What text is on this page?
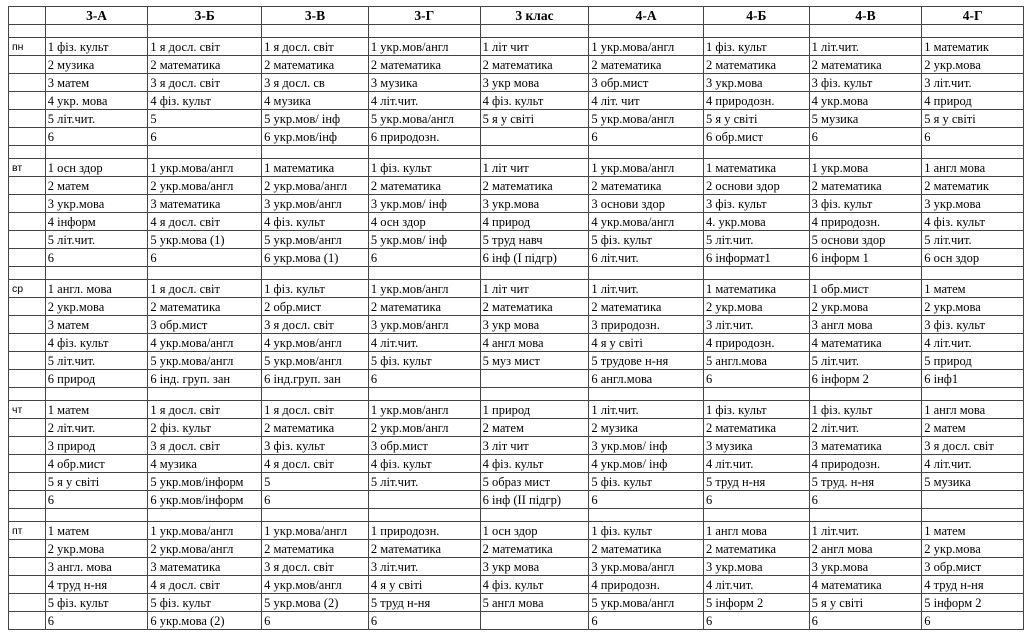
	3-А	3-Б	3-В	3-Г	3 клас	4-А	4-Б	4-В	4-Г

пн	1 фіз. культ	1 я досл. світ	1 я досл. світ	1 укр.мов/англ	1 літ чит	1 укр.мова/англ	1 фіз. культ	1 літ.чит.	1 математик
	2 музика	2 математика	2 математика	2 математика	2 математика	2 математика	2 математика	2 математика	2 укр.мова
	3 матем	3 я досл. світ	3 я досл. св	3 музика	3 укр мова	3 обр.мист	3 укр.мова	3 фіз. культ	3 літ.чит.
	4 укр. мова	4 фіз. культ	4 музика	4 літ.чит.	4 фіз. культ	4 літ. чит	4 природозн.	4 укр.мова	4 природ
	5 літ.чит.	5	5 укр.мов/ інф	5 укр.мова/англ	5 я у світі	5 укр.мова/англ	5 я у світі	5 музика	5 я у світі
	6	6	6 укр.мов/інф	6 природозн.		6	6 обр.мист	6	6

вт	1 осн здор	1 укр.мова/англ	1 математика	1 фіз. культ	1 літ чит	1 укр.мова/англ	1 математика	1 укр.мова	1 англ мова
	2 матем	2 укр.мова/англ	2 укр.мова/англ	2 математика	2 математика	2 математика	2 основи здор	2 математика	2 математик
	3 укр.мова	3 математика	3 укр.мов/англ	3 укр.мов/ інф	3 укр.мова	3 основи здор	3 фіз. культ	3 фіз. культ	3 укр.мова
	4 інформ	4 я досл. світ	4 фіз. культ	4 осн здор	4 природ	4 укр.мова/англ	4. укр.мова	4 природозн.	4 фіз. культ
	5 літ.чит.	5 укр.мова (1)	5 укр.мов/англ	5 укр.мов/ інф	5 труд навч	5 фіз. культ	5 літ.чит.	5 основи здор	5 літ.чит.
	6	6	6 укр.мова (1)	6	6 інф (І підгр)	6 літ.чит.	6 інформат1	6 інформ 1	6 осн здор

ср	1 англ. мова	1 я досл. світ	1 фіз. культ	1 укр.мов/англ	1 літ чит	1 літ.чит.	1 математика	1 обр.мист	1 матем
	2 укр.мова	2 математика	2 обр.мист	2 математика	2 математика	2 математика	2 укр.мова	2 укр.мова	2 укр.мова
	3 матем	3 обр.мист	3 я досл. світ	3 укр.мов/англ	3 укр мова	3 природозн.	3 літ.чит.	3 англ мова	3 фіз. культ
	4 фіз. культ	4 укр.мова/англ	4 укр.мов/англ	4 літ.чит.	4 англ мова	4 я у світі	4 природозн.	4 математика	4 літ.чит.
	5 літ.чит.	5 укр.мова/англ	5 укр.мов/англ	5 фіз. культ	5 муз мист	5 трудове н-ня	5 англ.мова	5 літ.чит.	5 природ
	6 природ	6 інд. груп. зан	6 інд.груп. зан	6		6 англ.мова	6	6 інформ 2	6 інф1

чт	1 матем	1 я досл. світ	1 я досл. світ	1 укр.мов/англ	1 природ	1 літ.чит.	1 фіз. культ	1 фіз. культ	1 англ мова
	2 літ.чит.	2 фіз. культ	2 математика	2 укр.мов/англ	2 матем	2 музика	2 математика	2 літ.чит.	2 матем
	3 природ	3 я досл. світ	3 фіз. культ	3 обр.мист	3 літ чит	3 укр.мов/ інф	3 музика	3 математика	3 я досл. світ
	4 обр.мист	4 музика	4 я досл. світ	4 фіз. культ	4 фіз. культ	4 укр.мов/ інф	4 літ.чит.	4 природозн.	4 літ.чит.
	5 я у світі	5 укр.мов/інформ	5	5 літ.чит.	5 образ мист	5 фіз. культ	5 труд н-ня	5 труд. н-ня	5 музика
	6	6 укр.мов/інформ	6		6 інф (ІІ підгр)	6	6	6	

пт	1 матем	1 укр.мова/англ	1 укр.мова/англ	1 природозн.	1 осн здор	1 фіз. культ	1 англ мова	1 літ.чит.	1 матем
	2 укр.мова	2 укр.мова/англ	2 математика	2 математика	2 математика	2 математика	2 математика	2 англ мова	2 укр.мова
	3 англ. мова	3 математика	3 я досл. світ	3 літ.чит.	3 укр мова	3 укр.мова/англ	3 укр.мова	3 укр.мова	3 обр.мист
	4 труд н-ня	4 я досл. світ	4 укр.мов/англ	4 я у світі	4 фіз. культ	4 природозн.	4 літ.чит.	4 математика	4 труд н-ня
	5 фіз. культ	5 фіз. культ	5 укр.мова (2)	5 труд н-ня	5 англ мова	5 укр.мова/англ	5 інформ 2	5 я у світі	5 інформ 2
	6	6 укр.мова (2)	6	6		6	6	6	6
